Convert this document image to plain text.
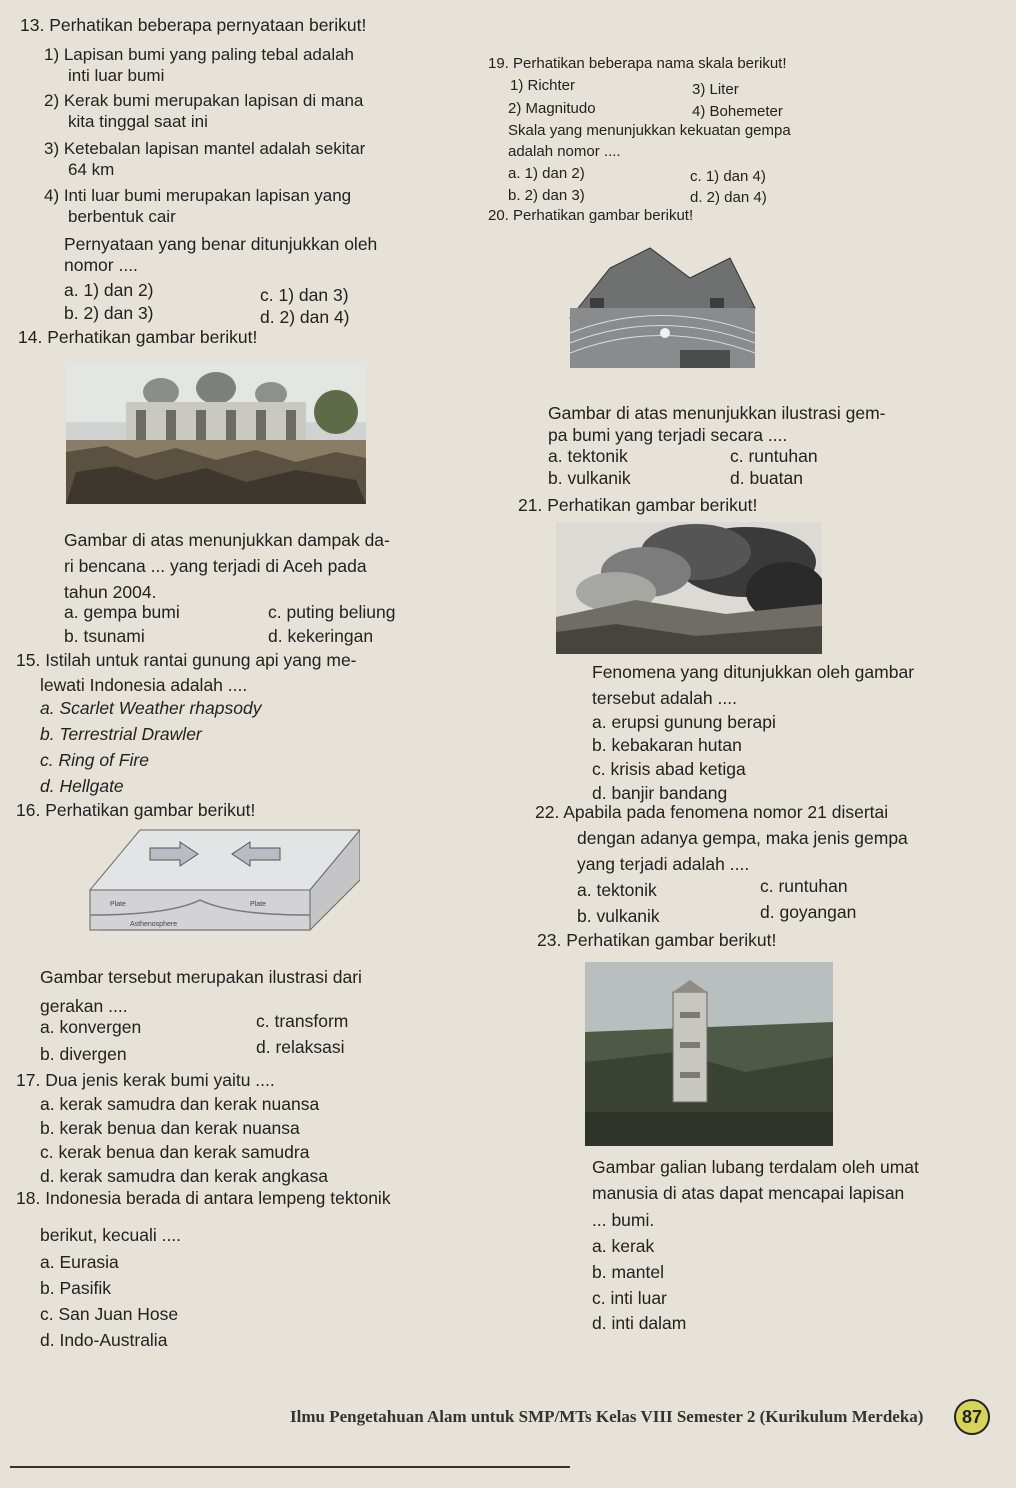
13. Perhatikan beberapa pernyataan berikut!
1) Lapisan bumi yang paling tebal adalah
inti luar bumi
2) Kerak bumi merupakan lapisan di mana
kita tinggal saat ini
3) Ketebalan lapisan mantel adalah sekitar
64 km
4) Inti luar bumi merupakan lapisan yang
berbentuk cair
Pernyataan yang benar ditunjukkan oleh
nomor ....
a. 1) dan 2)
b. 2) dan 3)
c. 1) dan 3)
d. 2) dan 4)
14. Perhatikan gambar berikut!
Gambar di atas menunjukkan dampak da-
ri bencana ... yang terjadi di Aceh pada
tahun 2004.
a. gempa bumi
b. tsunami
c. puting beliung
d. kekeringan
15. Istilah untuk rantai gunung api yang me-
lewati Indonesia adalah ....
a. Scarlet Weather rhapsody
b. Terrestrial Drawler
c. Ring of Fire
d. Hellgate
16. Perhatikan gambar berikut!
Plate	Plate
Asthenosphere
Gambar tersebut merupakan ilustrasi dari
gerakan ....
a. konvergen
b. divergen
c. transform
d. relaksasi
17. Dua jenis kerak bumi yaitu ....
a. kerak samudra dan kerak nuansa
b. kerak benua dan kerak nuansa
c. kerak benua dan kerak samudra
d. kerak samudra dan kerak angkasa
18. Indonesia berada di antara lempeng tektonik
berikut, kecuali ....
a. Eurasia
b. Pasifik
c. San Juan Hose
d. Indo-Australia
19. Perhatikan beberapa nama skala berikut!
1) Richter	3) Liter
2) Magnitudo	4) Bohemeter
Skala yang menunjukkan kekuatan gempa
adalah nomor ....
a. 1) dan 2)
b. 2) dan 3)
c. 1) dan 4)
d. 2) dan 4)
20. Perhatikan gambar berikut!
Gambar di atas menunjukkan ilustrasi gem-
pa bumi yang terjadi secara ....
a. tektonik
b. vulkanik
c. runtuhan
d. buatan
21. Perhatikan gambar berikut!
Fenomena yang ditunjukkan oleh gambar
tersebut adalah ....
a. erupsi gunung berapi
b. kebakaran hutan
c. krisis abad ketiga
d. banjir bandang
22. Apabila pada fenomena nomor 21 disertai
dengan adanya gempa, maka jenis gempa
yang terjadi adalah ....
a. tektonik
b. vulkanik
c. runtuhan
d. goyangan
23. Perhatikan gambar berikut!
Gambar galian lubang terdalam oleh umat
manusia di atas dapat mencapai lapisan
... bumi.
a. kerak
b. mantel
c. inti luar
d. inti dalam
Ilmu Pengetahuan Alam untuk SMP/MTs Kelas VIII Semester 2 (Kurikulum Merdeka)	87
